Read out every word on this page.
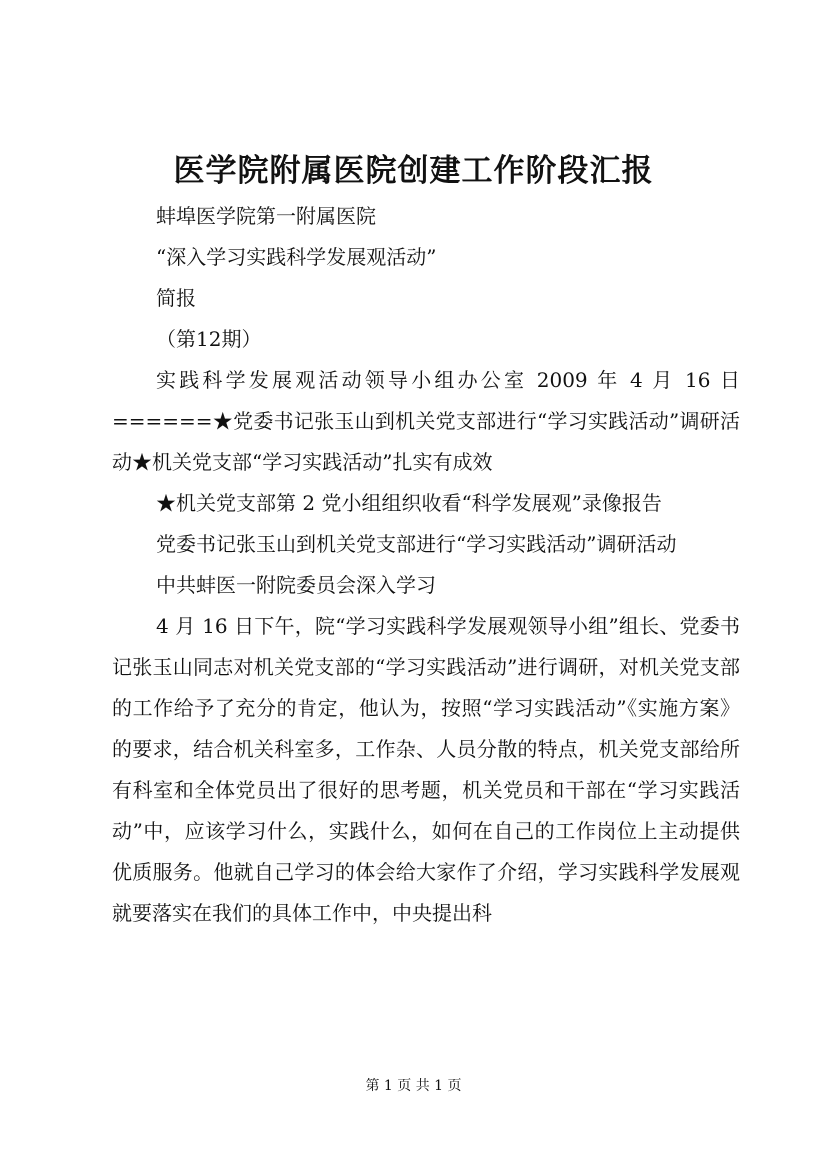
医学院附属医院创建工作阶段汇报

蚌埠医学院第一附属医院

“深入学习实践科学发展观活动”

简报

（第12期）

实践科学发展观活动领导小组办公室 2009 年 4 月 16 日======★党委书记张玉山到机关党支部进行“学习实践活动”调研活动★机关党支部“学习实践活动”扎实有成效

★机关党支部第 2 党小组组织收看“科学发展观”录像报告

党委书记张玉山到机关党支部进行“学习实践活动”调研活动

中共蚌医一附院委员会深入学习

4 月 16 日下午，院“学习实践科学发展观领导小组”组长、党委书记张玉山同志对机关党支部的“学习实践活动”进行调研，对机关党支部的工作给予了充分的肯定，他认为，按照“学习实践活动”《实施方案》的要求，结合机关科室多，工作杂、人员分散的特点，机关党支部给所有科室和全体党员出了很好的思考题，机关党员和干部在“学习实践活动”中，应该学习什么，实践什么，如何在自己的工作岗位上主动提供优质服务。他就自己学习的体会给大家作了介绍，学习实践科学发展观就要落实在我们的具体工作中，中央提出科

第 1 页 共 1 页
